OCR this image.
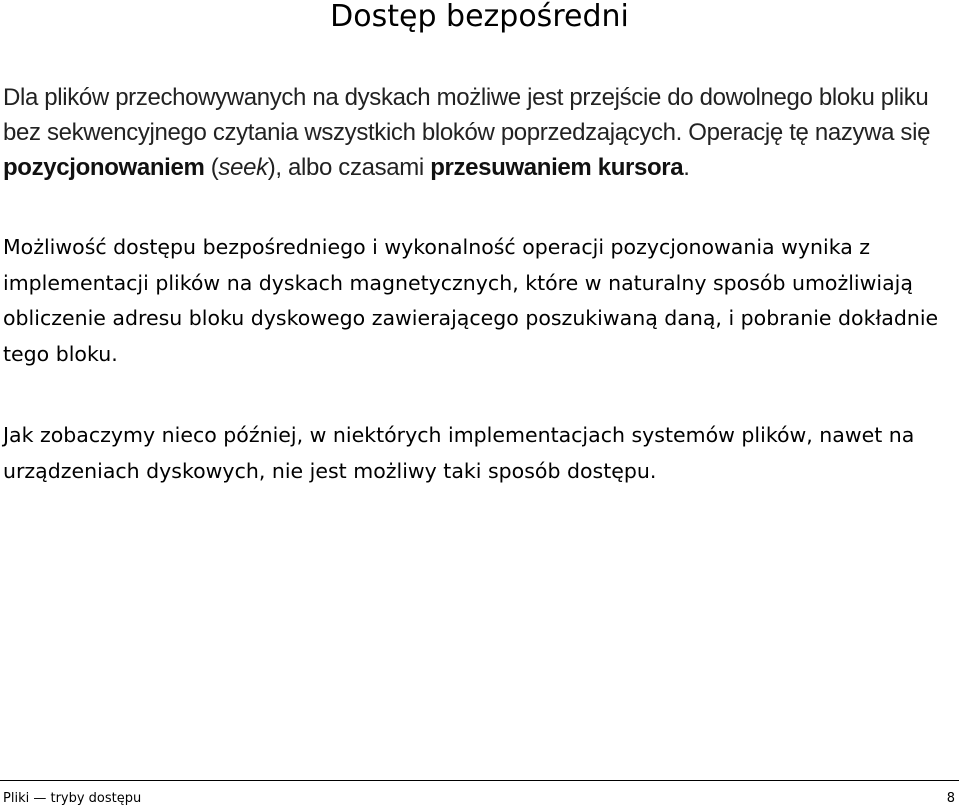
Dostęp bezpośredni

Dla plików przechowywanych na dyskach możliwe jest przejście do dowolnego bloku pliku bez sekwencyjnego czytania wszystkich bloków poprzedzających. Operację tę nazywa się pozycjonowaniem (seek), albo czasami przesuwaniem kursora.

Możliwość dostępu bezpośredniego i wykonalność operacji pozycjonowania wynika z implementacji plików na dyskach magnetycznych, które w naturalny sposób umożliwiają obliczenie adresu bloku dyskowego zawierającego poszukiwaną daną, i pobranie dokładnie tego bloku.

Jak zobaczymy nieco później, w niektórych implementacjach systemów plików, nawet na urządzeniach dyskowych, nie jest możliwy taki sposób dostępu.

Pliki — tryby dostępu	8
